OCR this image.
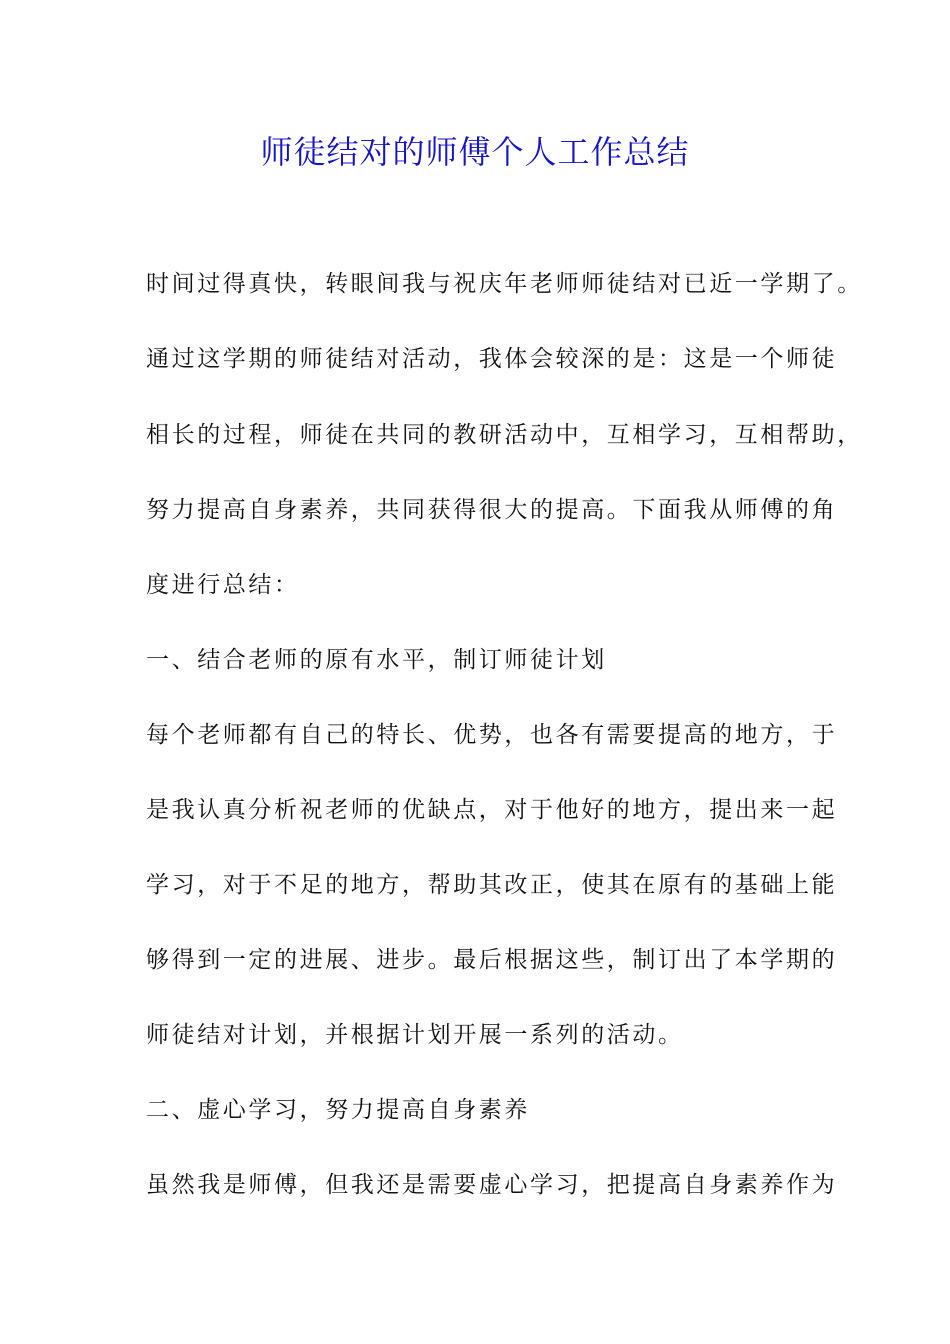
师徒结对的师傅个人工作总结

时间过得真快，转眼间我与祝庆年老师师徒结对已近一学期了。

通过这学期的师徒结对活动，我体会较深的是：这是一个师徒

相长的过程，师徒在共同的教研活动中，互相学习，互相帮助，

努力提高自身素养，共同获得很大的提高。下面我从师傅的角

度进行总结：

一、结合老师的原有水平，制订师徒计划

每个老师都有自己的特长、优势，也各有需要提高的地方，于

是我认真分析祝老师的优缺点，对于他好的地方，提出来一起

学习，对于不足的地方，帮助其改正，使其在原有的基础上能

够得到一定的进展、进步。最后根据这些，制订出了本学期的

师徒结对计划，并根据计划开展一系列的活动。

二、虚心学习，努力提高自身素养

虽然我是师傅，但我还是需要虚心学习，把提高自身素养作为
